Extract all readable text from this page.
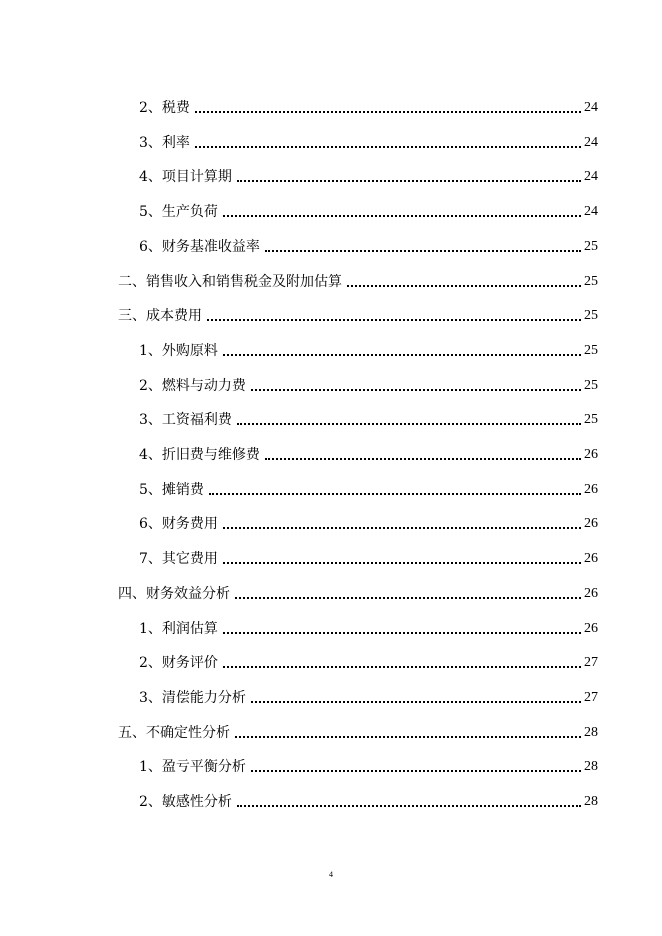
2、 税费	24
3、 利率	24
4、 项目计算期	24
5、 生产负荷	24
6、 财务基准收益率	25
二、 销售收入和销售税金及附加估算	25
三、 成本费用	25
1、 外购原料	25
2、 燃料与动力费	25
3、 工资福利费	25
4、 折旧费与维修费	26
5、 摊销费	26
6、 财务费用	26
7、 其它费用	26
四、 财务效益分析	26
1、 利润估算	26
2、 财务评价	27
3、 清偿能力分析	27
五、 不确定性分析	28
1、 盈亏平衡分析	28
2、 敏感性分析	28
4
